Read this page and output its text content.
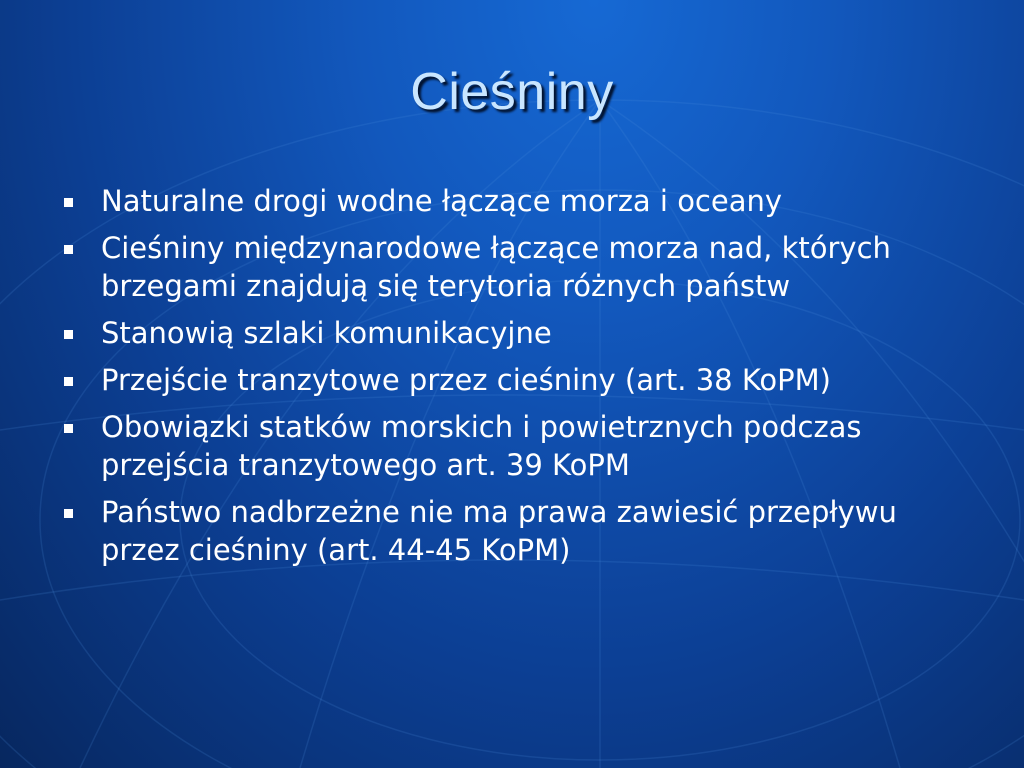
Cieśniny
Naturalne drogi wodne łączące morza i oceany
Cieśniny międzynarodowe łączące morza nad, których brzegami znajdują się terytoria różnych państw
Stanowią szlaki komunikacyjne
Przejście tranzytowe przez cieśniny (art. 38 KoPM)
Obowiązki statków morskich i powietrznych podczas przejścia tranzytowego art. 39 KoPM
Państwo nadbrzeżne nie ma prawa zawiesić przepływu przez cieśniny (art. 44-45 KoPM)
